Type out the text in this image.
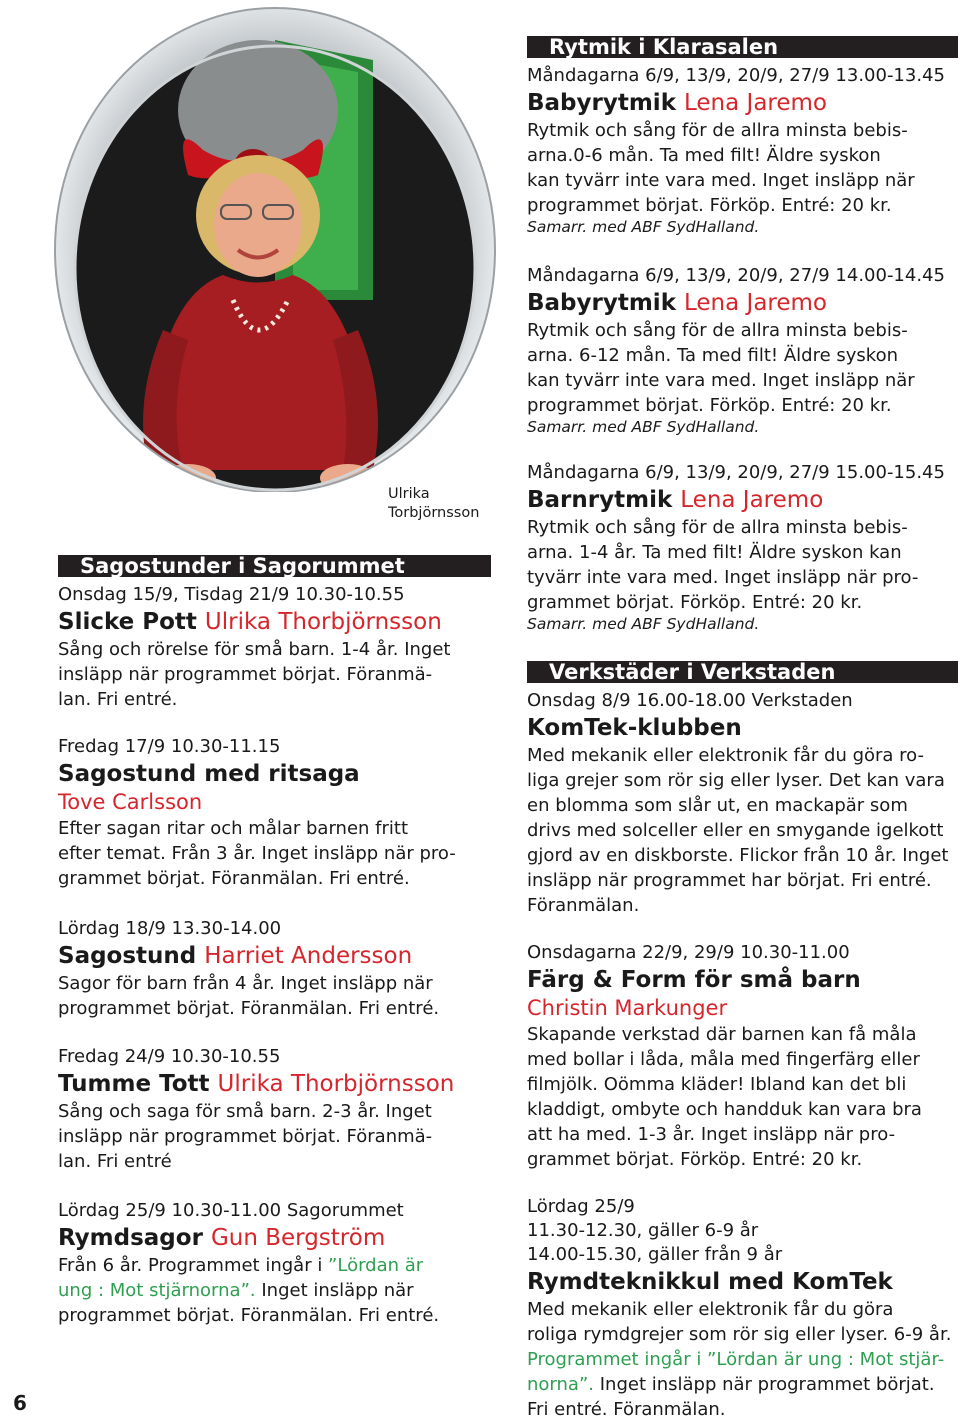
Ulrika
Torbjörnsson
Sagostunder i Sagorummet
Onsdag 15/9, Tisdag 21/9 10.30-10.55
Slicke Pott Ulrika Thorbjörnsson
Sång och rörelse för små barn. 1-4 år. Inget
insläpp när programmet börjat. Föranmä-
lan. Fri entré.
Fredag 17/9 10.30-11.15
Sagostund med ritsaga
Tove Carlsson
Efter sagan ritar och målar barnen fritt
efter temat. Från 3 år. Inget insläpp när pro-
grammet börjat. Föranmälan. Fri entré.
Lördag 18/9 13.30-14.00
Sagostund Harriet Andersson
Sagor för barn från 4 år. Inget insläpp när
programmet börjat. Föranmälan. Fri entré.
Fredag 24/9 10.30-10.55
Tumme Tott Ulrika Thorbjörnsson
Sång och saga för små barn. 2-3 år. Inget
insläpp när programmet börjat. Föranmä-
lan. Fri entré
Lördag 25/9 10.30-11.00 Sagorummet
Rymdsagor Gun Bergström
Från 6 år. Programmet ingår i ”Lördan är
ung : Mot stjärnorna”. Inget insläpp när
programmet börjat. Föranmälan. Fri entré.
6
Rytmik i Klarasalen
Måndagarna 6/9, 13/9, 20/9, 27/9 13.00-13.45
Babyrytmik Lena Jaremo
Rytmik och sång för de allra minsta bebis-
arna.0-6 mån. Ta med filt! Äldre syskon
kan tyvärr inte vara med. Inget insläpp när
programmet börjat. Förköp. Entré: 20 kr.
Samarr. med ABF SydHalland.
Måndagarna 6/9, 13/9, 20/9, 27/9 14.00-14.45
Babyrytmik Lena Jaremo
Rytmik och sång för de allra minsta bebis-
arna. 6-12 mån. Ta med filt! Äldre syskon
kan tyvärr inte vara med. Inget insläpp när
programmet börjat. Förköp. Entré: 20 kr.
Samarr. med ABF SydHalland.
Måndagarna 6/9, 13/9, 20/9, 27/9 15.00-15.45
Barnrytmik Lena Jaremo
Rytmik och sång för de allra minsta bebis-
arna. 1-4 år. Ta med filt! Äldre syskon kan
tyvärr inte vara med. Inget insläpp när pro-
grammet börjat. Förköp. Entré: 20 kr.
Samarr. med ABF SydHalland.
Verkstäder i Verkstaden
Onsdag 8/9 16.00-18.00 Verkstaden
KomTek-klubben
Med mekanik eller elektronik får du göra ro-
liga grejer som rör sig eller lyser. Det kan vara
en blomma som slår ut, en mackapär som
drivs med solceller eller en smygande igelkott
gjord av en diskborste. Flickor från 10 år. Inget
insläpp när programmet har börjat. Fri entré.
Föranmälan.
Onsdagarna 22/9, 29/9 10.30-11.00
Färg & Form för små barn
Christin Markunger
Skapande verkstad där barnen kan få måla
med bollar i låda, måla med fingerfärg eller
filmjölk. Oömma kläder! Ibland kan det bli
kladdigt, ombyte och handduk kan vara bra
att ha med. 1-3 år. Inget insläpp när pro-
grammet börjat. Förköp. Entré: 20 kr.
Lördag 25/9
11.30-12.30, gäller 6-9 år
14.00-15.30, gäller från 9 år
Rymdteknikkul med KomTek
Med mekanik eller elektronik får du göra
roliga rymdgrejer som rör sig eller lyser. 6-9 år.
Programmet ingår i ”Lördan är ung : Mot stjär-
norna”. Inget insläpp när programmet börjat.
Fri entré. Föranmälan.
